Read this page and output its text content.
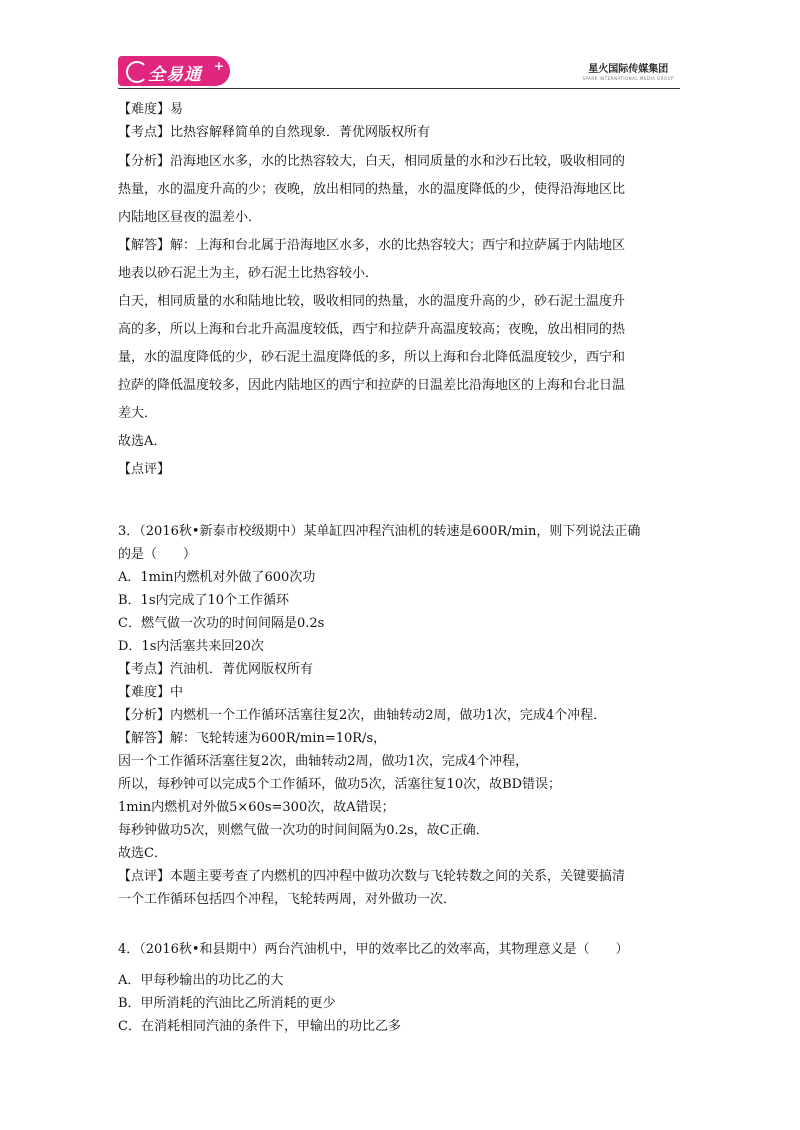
全易通 +	星火国际传媒集团
SPARK INTERNATIONAL MEDIA GROUP
【难度】易
【考点】比热容解释简单的自然现象．菁优网版权所有
【分析】沿海地区水多，水的比热容较大，白天，相同质量的水和沙石比较，吸收相同的
热量，水的温度升高的少；夜晚，放出相同的热量，水的温度降低的少，使得沿海地区比
内陆地区昼夜的温差小．
【解答】解：上海和台北属于沿海地区水多，水的比热容较大；西宁和拉萨属于内陆地区
地表以砂石泥土为主，砂石泥土比热容较小．
白天，相同质量的水和陆地比较，吸收相同的热量，水的温度升高的少，砂石泥土温度升
高的多，所以上海和台北升高温度较低，西宁和拉萨升高温度较高；夜晚，放出相同的热
量，水的温度降低的少，砂石泥土温度降低的多，所以上海和台北降低温度较少，西宁和
拉萨的降低温度较多，因此内陆地区的西宁和拉萨的日温差比沿海地区的上海和台北日温
差大．
故选A．
【点评】
3．（2016秋•新泰市校级期中）某单缸四冲程汽油机的转速是600R/min，则下列说法正确
的是（　　）
A．1min内燃机对外做了600次功
B．1s内完成了10个工作循环
C．燃气做一次功的时间间隔是0.2s
D．1s内活塞共来回20次
【考点】汽油机．菁优网版权所有
【难度】中
【分析】内燃机一个工作循环活塞往复2次，曲轴转动2周，做功1次，完成4个冲程．
【解答】解：飞轮转速为600R/min=10R/s，
因一个工作循环活塞往复2次，曲轴转动2周，做功1次，完成4个冲程，
所以，每秒钟可以完成5个工作循环，做功5次，活塞往复10次，故BD错误；
1min内燃机对外做5×60s=300次，故A错误；
每秒钟做功5次，则燃气做一次功的时间间隔为0.2s，故C正确．
故选C．
【点评】本题主要考查了内燃机的四冲程中做功次数与飞轮转数之间的关系，关键要搞清
一个工作循环包括四个冲程，飞轮转两周，对外做功一次．
4．（2016秋•和县期中）两台汽油机中，甲的效率比乙的效率高，其物理意义是（　　）
A．甲每秒输出的功比乙的大
B．甲所消耗的汽油比乙所消耗的更少
C．在消耗相同汽油的条件下，甲输出的功比乙多
